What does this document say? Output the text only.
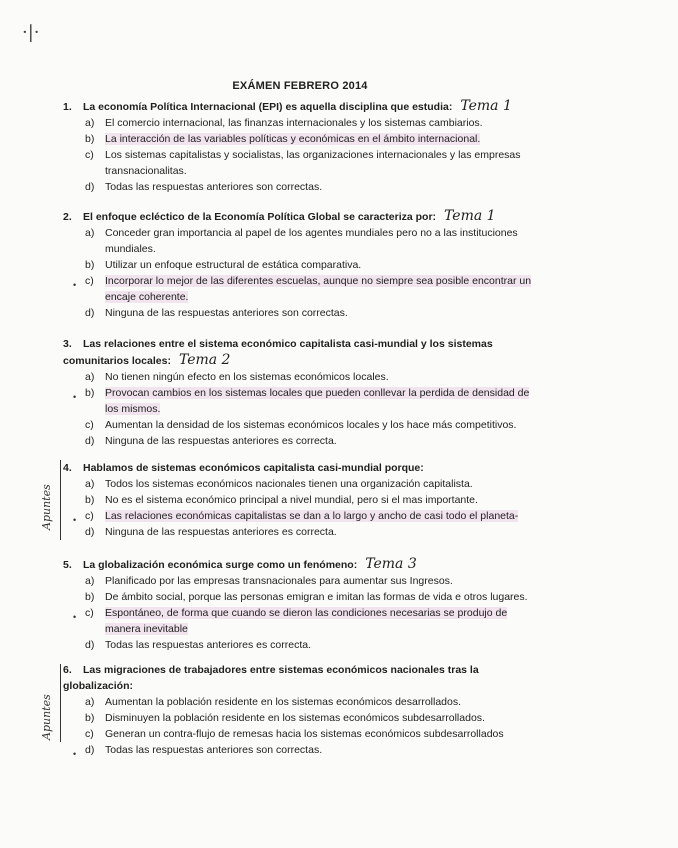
·|·
EXÁMEN FEBRERO 2014
1. La economía Política Internacional (EPI) es aquella disciplina que estudia: Tema 1
a) El comercio internacional, las finanzas internacionales y los sistemas cambiarios.
b) La interacción de las variables políticas y económicas en el ámbito internacional.
c) Los sistemas capitalistas y socialistas, las organizaciones internacionales y las empresas transnacionalitas.
d) Todas las respuestas anteriores son correctas.
2. El enfoque ecléctico de la Economía Política Global se caracteriza por: Tema 1
a) Conceder gran importancia al papel de los agentes mundiales pero no a las instituciones mundiales.
b) Utilizar un enfoque estructural de estática comparativa.
• c) Incorporar lo mejor de las diferentes escuelas, aunque no siempre sea posible encontrar un encaje coherente.
d) Ninguna de las respuestas anteriores son correctas.
3. Las relaciones entre el sistema económico capitalista casi-mundial y los sistemas comunitarios locales: Tema 2
a) No tienen ningún efecto en los sistemas económicos locales.
• b) Provocan cambios en los sistemas locales que pueden conllevar la perdida de densidad de los mismos.
c) Aumentan la densidad de los sistemas económicos locales y los hace más competitivos.
d) Ninguna de las respuestas anteriores es correcta.
Apuntes
4. Hablamos de sistemas económicos capitalista casi-mundial porque:
a) Todos los sistemas económicos nacionales tienen una organización capitalista.
b) No es el sistema económico principal a nivel mundial, pero si el mas importante.
• c) Las relaciones económicas capitalistas se dan a lo largo y ancho de casi todo el planeta-
d) Ninguna de las respuestas anteriores es correcta.
5. La globalización económica surge como un fenómeno: Tema 3
a) Planificado por las empresas transnacionales para aumentar sus Ingresos.
b) De ámbito social, porque las personas emigran e imitan las formas de vida e otros lugares.
• c) Espontáneo, de forma que cuando se dieron las condiciones necesarias se produjo de manera inevitable
d) Todas las respuestas anteriores es correcta.
Apuntes
6. Las migraciones de trabajadores entre sistemas económicos nacionales tras la globalización:
a) Aumentan la población residente en los sistemas económicos desarrollados.
b) Disminuyen la población residente en los sistemas económicos subdesarrollados.
c) Generan un contra-flujo de remesas hacia los sistemas económicos subdesarrollados
• d) Todas las respuestas anteriores son correctas.
